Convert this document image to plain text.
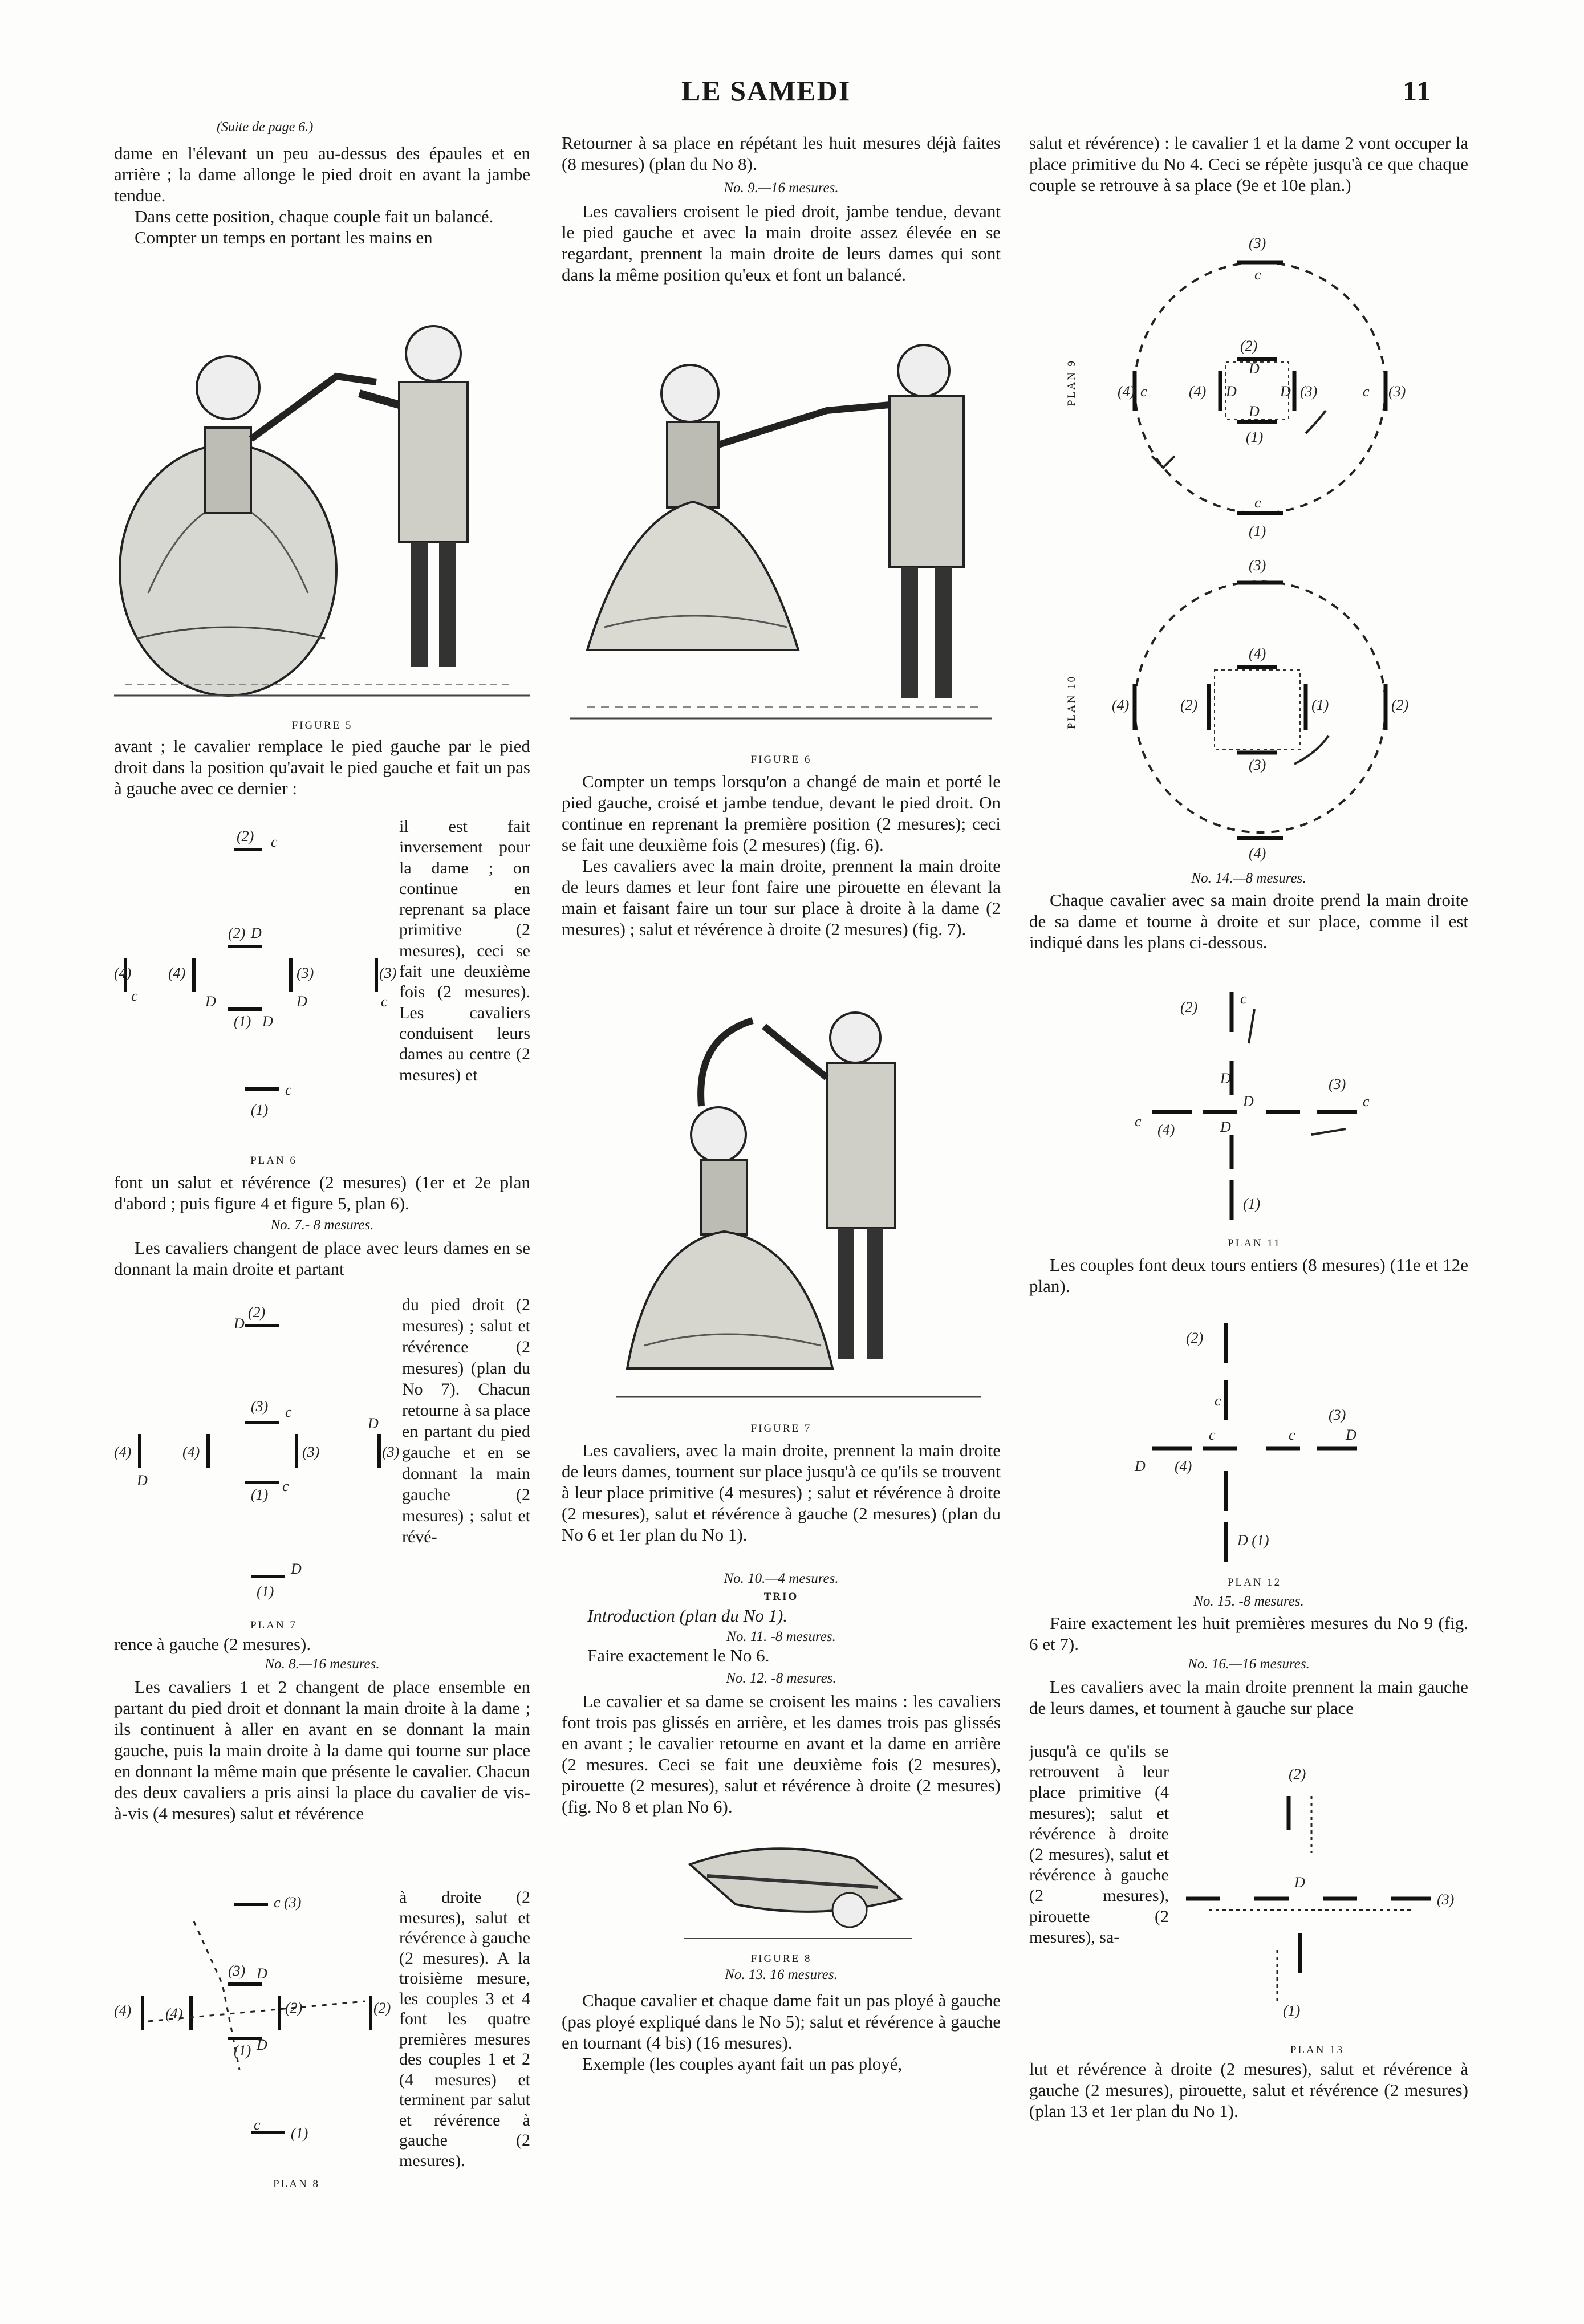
LE SAMEDI	11
(Suite de page 6.)

dame en l'élevant un peu au-dessus des épaules et en arrière ; la dame allonge le pied droit en avant la jambe tendue.

Dans cette position, chaque couple fait un balancé.

Compter un temps en portant les mains en

FIGURE 5
avant ; le cavalier remplace le pied gauche par le pied droit dans la position qu'avait le pied gauche et fait un pas à gauche avec ce dernier :
(2) c
(2) D
(4) (4)	(3)	(3)
c	D	D	c
(1) D
c
(1)
il est fait inversement pour la dame ; on continue en reprenant sa place primitive (2 mesures), ceci se fait une deuxième fois (2 mesures). Les cavaliers conduisent leurs dames au centre (2 mesures) et
PLAN 6
font un salut et révérence (2 mesures) (1er et 2e plan d'abord ; puis figure 4 et figure 5, plan 6).
No. 7.- 8 mesures.

Les cavaliers changent de place avec leurs dames en se donnant la main droite et partant

(2)
D
(3) c
(4)	(4)	(3)	(3)
D
D
(1)
c
D
(1)
du pied droit (2 mesures) ; salut et révérence (2 mesures) (plan du No 7). Chacun retourne à sa place en partant du pied gauche et en se donnant la main gauche (2 mesures) ; salut et révé-
PLAN 7
rence à gauche (2 mesures).
No. 8.—16 mesures.

Les cavaliers 1 et 2 changent de place ensemble en partant du pied droit et donnant la main droite à la dame ; ils continuent à aller en avant en se donnant la main gauche, puis la main droite à la dame qui tourne sur place en donnant la même main que présente le cavalier. Chacun des deux cavaliers a pris ainsi la place du cavalier de vis-à-vis (4 mesures) salut et révérence

c (3)
(3) D
(4) (4)	(2)	(2)
(1) D
c
(1)
à droite (2 mesures), salut et révérence à gauche (2 mesures). A la troisième mesure, les couples 3 et 4 font les quatre premières mesures des couples 1 et 2 (4 mesures) et terminent par salut et révérence à gauche (2 mesures).
PLAN 8

Retourner à sa place en répétant les huit mesures déjà faites (8 mesures) (plan du No 8).

No. 9.—16 mesures.

Les cavaliers croisent le pied droit, jambe tendue, devant le pied gauche et avec la main droite assez élevée en se regardant, prennent la main droite de leurs dames qui sont dans la même position qu'eux et font un balancé.

FIGURE 6

Compter un temps lorsqu'on a changé de main et porté le pied gauche, croisé et jambe tendue, devant le pied droit. On continue en reprenant la première position (2 mesures); ceci se fait une deuxième fois (2 mesures) (fig. 6).

Les cavaliers avec la main droite, prennent la main droite de leurs dames et leur font faire une pirouette en élevant la main et faisant faire un tour sur place à droite à la dame (2 mesures) ; salut et révérence à droite (2 mesures) (fig. 7).

FIGURE 7

Les cavaliers, avec la main droite, prennent la main droite de leurs dames, tournent sur place jusqu'à ce qu'ils se trouvent à leur place primitive (4 mesures) ; salut et révérence à droite (2 mesures), salut et révérence à gauche (2 mesures) (plan du No 6 et 1er plan du No 1).

No. 10.—4 mesures.
TRIO
Introduction (plan du No 1).
No. 11. -8 mesures.
Faire exactement le No 6.
No. 12. -8 mesures.

Le cavalier et sa dame se croisent les mains : les cavaliers font trois pas glissés en arrière, et les dames trois pas glissés en avant ; le cavalier retourne en avant et la dame en arrière (2 mesures. Ceci se fait une deuxième fois (2 mesures), pirouette (2 mesures), salut et révérence à droite (2 mesures) (fig. No 8 et plan No 6).

FIGURE 8
No. 13. 16 mesures.

Chaque cavalier et chaque dame fait un pas ployé à gauche (pas ployé expliqué dans le No 5); salut et révérence à gauche en tournant (4 bis) (16 mesures).

Exemple (les couples ayant fait un pas ployé,

salut et révérence) : le cavalier 1 et la dame 2 vont occuper la place primitive du No 4. Ceci se répète jusqu'à ce que chaque couple se retrouve à sa place (9e et 10e plan.)

(3)
c
(2)
D
(4) D	D (3)
(4) c	c (3)
D
(1)
c
(1)
PLAN 9
(3)
(4)
(2)	(1)
(4)	(2)
(3)
(4)
PLAN 10
No. 14.—8 mesures.

Chaque cavalier avec sa main droite prend la main droite de sa dame et tourne à droite et sur place, comme il est indiqué dans les plans ci-dessous.

(2)
c
D
D	c
c
(4)
(3)
D
(1)
PLAN 11

Les couples font deux tours entiers (8 mesures) (11e et 12e plan).

(2)
c
c	D
c
(3)
(4)
D
D (1)
PLAN 12
No. 15. -8 mesures.

Faire exactement les huit premières mesures du No 9 (fig. 6 et 7).

No. 16.—16 mesures.

Les cavaliers avec la main droite prennent la main gauche de leurs dames, et tournent à gauche sur place

jusqu'à ce qu'ils se retrouvent à leur place primitive (4 mesures); salut et révérence à droite (2 mesures), salut et révérence à gauche (2 mesures), pirouette (2 mesures), sa-
(2)
(3)
D
(1)
PLAN 13

lut et révérence à droite (2 mesures), salut et révérence à gauche (2 mesures), pirouette, salut et révérence (2 mesures) (plan 13 et 1er plan du No 1).
